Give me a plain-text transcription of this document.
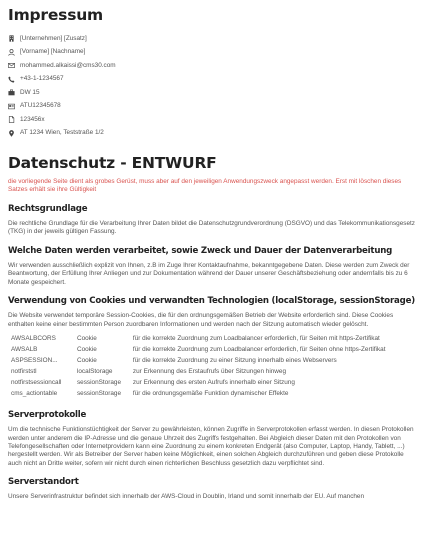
Impressum
[Unternehmen] [Zusatz]
[Vorname] [Nachname]
mohammed.alkaissi@cms30.com
+43-1-1234567
DW 15
ATU12345678
123456x
AT 1234 Wien, Teststraße 1/2
Datenschutz - ENTWURF

die vorliegende Seite dient als grobes Gerüst, muss aber auf den jeweiligen Anwendungszweck angepasst werden. Erst mit löschen dieses Satzes erhält sie ihre Gültigkeit

Rechtsgrundlage

Die rechtliche Grundlage für die Verarbeitung Ihrer Daten bildet die Datenschutzgrundverordnung (DSGVO) und das Telekommunikationsgesetz (TKG) in der jeweils gültigen Fassung.

Welche Daten werden verarbeitet, sowie Zweck und Dauer der Datenverarbeitung

Wir verwenden ausschließlich explizit von Ihnen, z.B im Zuge Ihrer Kontaktaufnahme, bekanntgegebene Daten. Diese werden zum Zweck der Beantwortung, der Erfüllung Ihrer Anliegen und zur Dokumentation während der Dauer unserer Geschäftsbeziehung oder andernfalls bis zu 6 Monate gespeichert.

Verwendung von Cookies und verwandten Technologien (localStorage, sessionStorage)

Die Website verwendet temporäre Session-Cookies, die für den ordnungsgemäßen Betrieb der Website erforderlich sind. Diese Cookies enthalten keine einer bestimmten Person zuordbaren Informationen und werden nach der Sitzung automatisch wieder gelöscht.

AWSALBCORS	Cookie	für die korrekte Zuordnung zum Loadbalancer erforderlich, für Seiten mit https-Zertifikat
AWSALB	Cookie	für die korrekte Zuordnung zum Loadbalancer erforderlich, für Seiten ohne https-Zertifikat
ASPSESSION...	Cookie	für die korrekte Zuordnung zu einer Sitzung innerhalb eines Webservers
notfirststl	localStorage	zur Erkennung des Erstaufrufs über Sitzungen hinweg
notfirstsessioncall	sessionStorage	zur Erkennung des ersten Aufrufs innerhalb einer Sitzung
cms_actiontable	sessionStorage	für die ordnungsgemäße Funktion dynamischer Effekte
Serverprotokolle

Um die technische Funktionstüchtigkeit der Server zu gewährleisten, können Zugriffe in Serverprotokollen erfasst werden. In diesen Protokollen werden unter anderem die IP-Adresse und die genaue Uhrzeit des Zugriffs festgehalten. Bei Abgleich dieser Daten mit den Protokollen von Telefongesellschaften oder Internetprovidern kann eine Zuordnung zu einem konkreten Endgerät (also Computer, Laptop, Handy, Tablett, ...) hergestellt werden. Wir als Betreiber der Server haben keine Möglichkeit, einen solchen Abgleich durchzuführen und geben diese Protokolle auch nicht an Dritte weiter, sofern wir nicht durch einen richterlichen Beschluss gesetzlich dazu verpflichtet sind.

Serverstandort

Unsere Serverinfrastruktur befindet sich innerhalb der AWS-Cloud in Doublin, Irland und somit innerhalb der EU. Auf manchen
